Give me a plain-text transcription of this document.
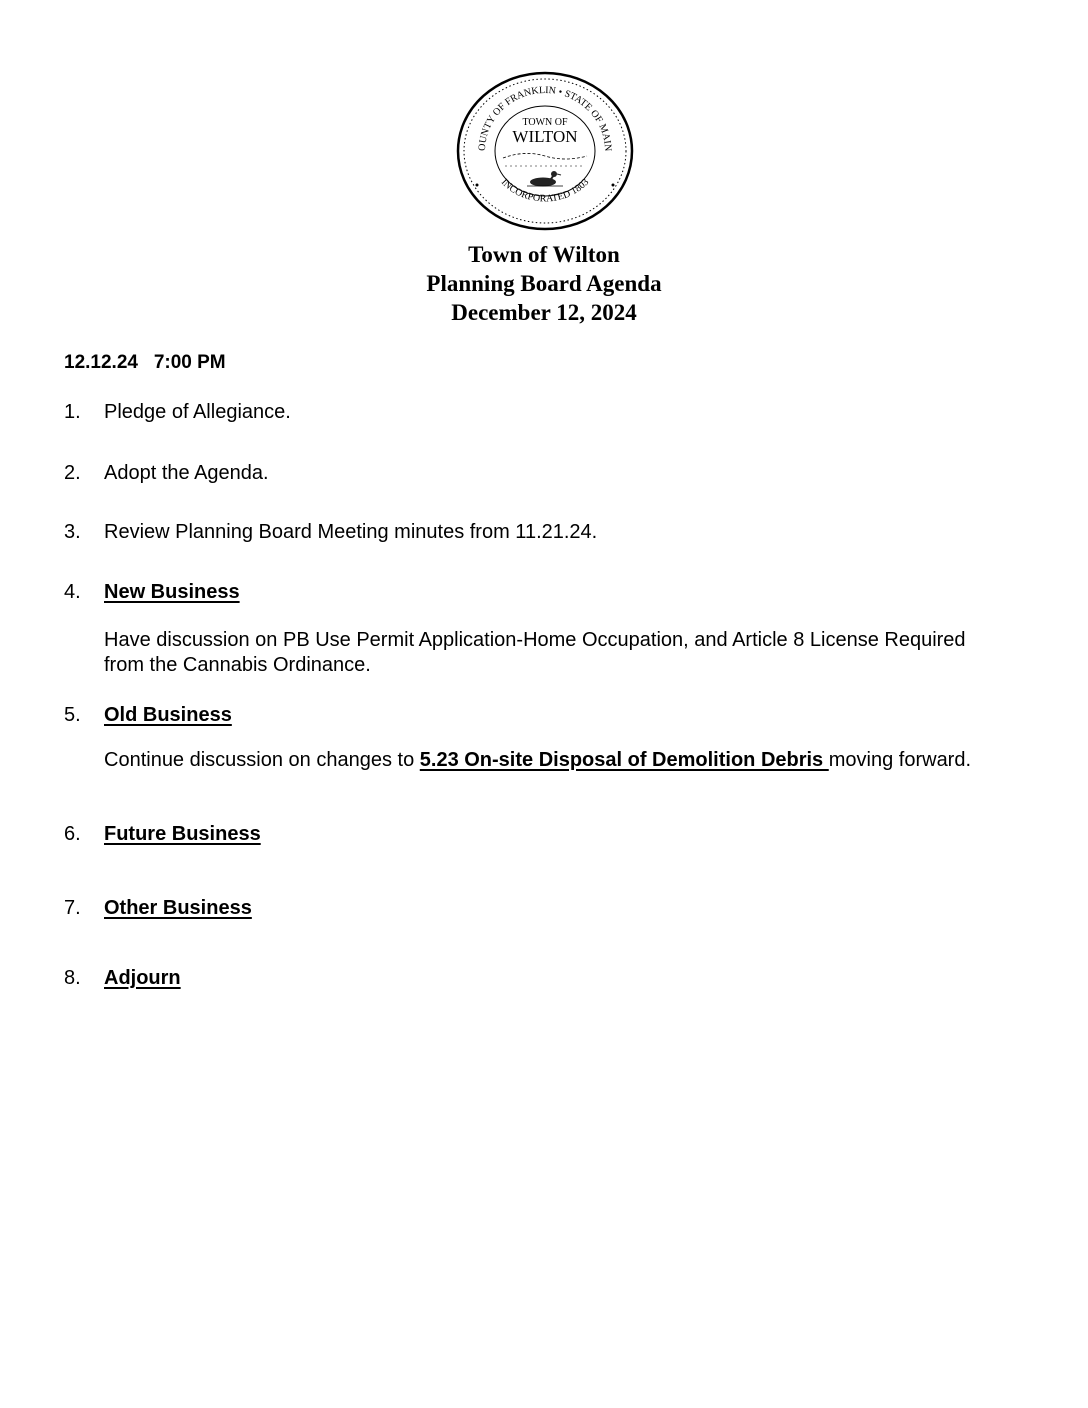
OUNTY OF FRANKLIN • STATE OF MAIN
INCORPORATED 1803
TOWN OF
WILTON
Town of Wilton
Planning Board Agenda
December 12, 2024
12.12.24 7:00 PM
1. Pledge of Allegiance.
2. Adopt the Agenda.
3. Review Planning Board Meeting minutes from 11.21.24.
4. New Business
Have discussion on PB Use Permit Application-Home Occupation, and Article 8 License Required from the Cannabis Ordinance.
5. Old Business
Continue discussion on changes to 5.23 On-site Disposal of Demolition Debris moving forward.
6. Future Business
7. Other Business
8. Adjourn
